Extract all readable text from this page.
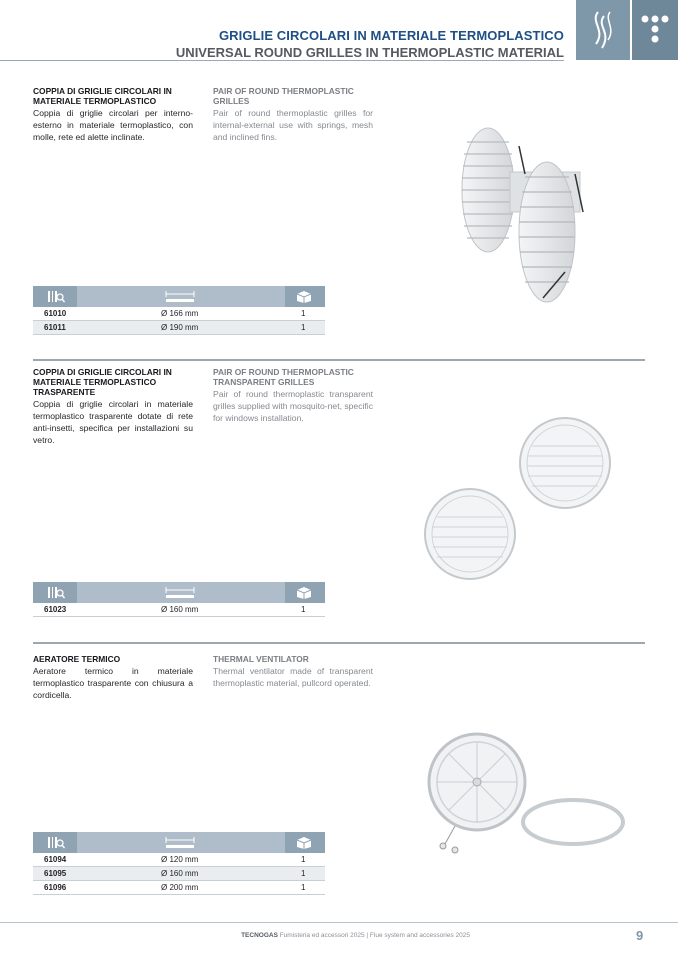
GRIGLIE CIRCOLARI IN MATERIALE TERMOPLASTICO
UNIVERSAL ROUND GRILLES IN THERMOPLASTIC MATERIAL
COPPIA DI GRIGLIE CIRCOLARI IN MATERIALE TERMOPLASTICO
Coppia di griglie circolari per interno-esterno in materiale termoplastico, con molle, rete ed alette inclinate.
PAIR OF ROUND THERMOPLASTIC GRILLES
Pair of round thermoplastic grilles for internal-external use with springs, mesh and inclined fins.
61010	Ø 166 mm	1
61011	Ø 190 mm	1
COPPIA DI GRIGLIE CIRCOLARI IN MATERIALE TERMOPLASTICO TRASPARENTE
Coppia di griglie circolari in materiale termoplastico trasparente dotate di rete anti-insetti, specifica per installazioni su vetro.
PAIR OF ROUND THERMOPLASTIC TRANSPARENT GRILLES
Pair of round thermoplastic transparent grilles supplied with mosquito-net, specific for windows installation.
61023	Ø 160 mm	1
AERATORE TERMICO
Aeratore termico in materiale termoplastico trasparente con chiusura a cordicella.
THERMAL VENTILATOR
Thermal ventilator made of transparent thermoplastic material, pullcord operated.
61094	Ø 120 mm	1
61095	Ø 160 mm	1
61096	Ø 200 mm	1
TECNOGAS Fumisteria ed accessori 2025 | Flue system and accessories 2025	9
